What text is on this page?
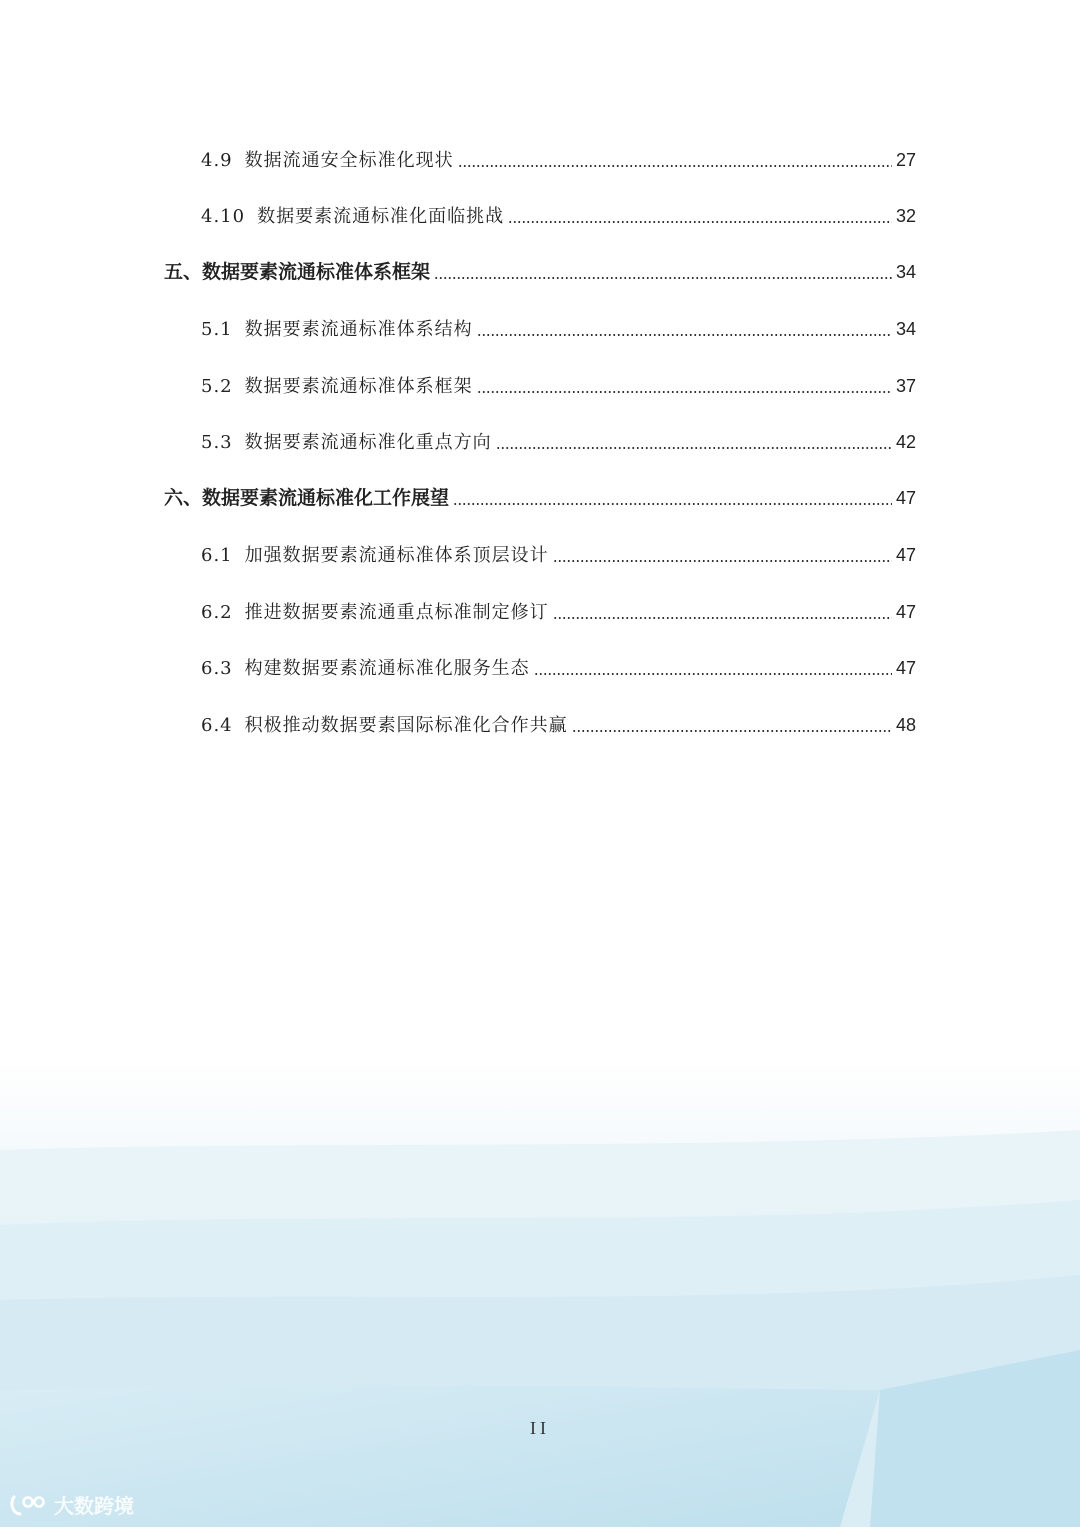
4.9 数据流通安全标准化现状	27
4.10 数据要素流通标准化面临挑战	32
五、 数据要素流通标准体系框架	34
5.1 数据要素流通标准体系结构	34
5.2 数据要素流通标准体系框架	37
5.3 数据要素流通标准化重点方向	42
六、 数据要素流通标准化工作展望	47
6.1 加强数据要素流通标准体系顶层设计	47
6.2 推进数据要素流通重点标准制定修订	47
6.3 构建数据要素流通标准化服务生态	47
6.4 积极推动数据要素国际标准化合作共赢	48
II
大数跨境
